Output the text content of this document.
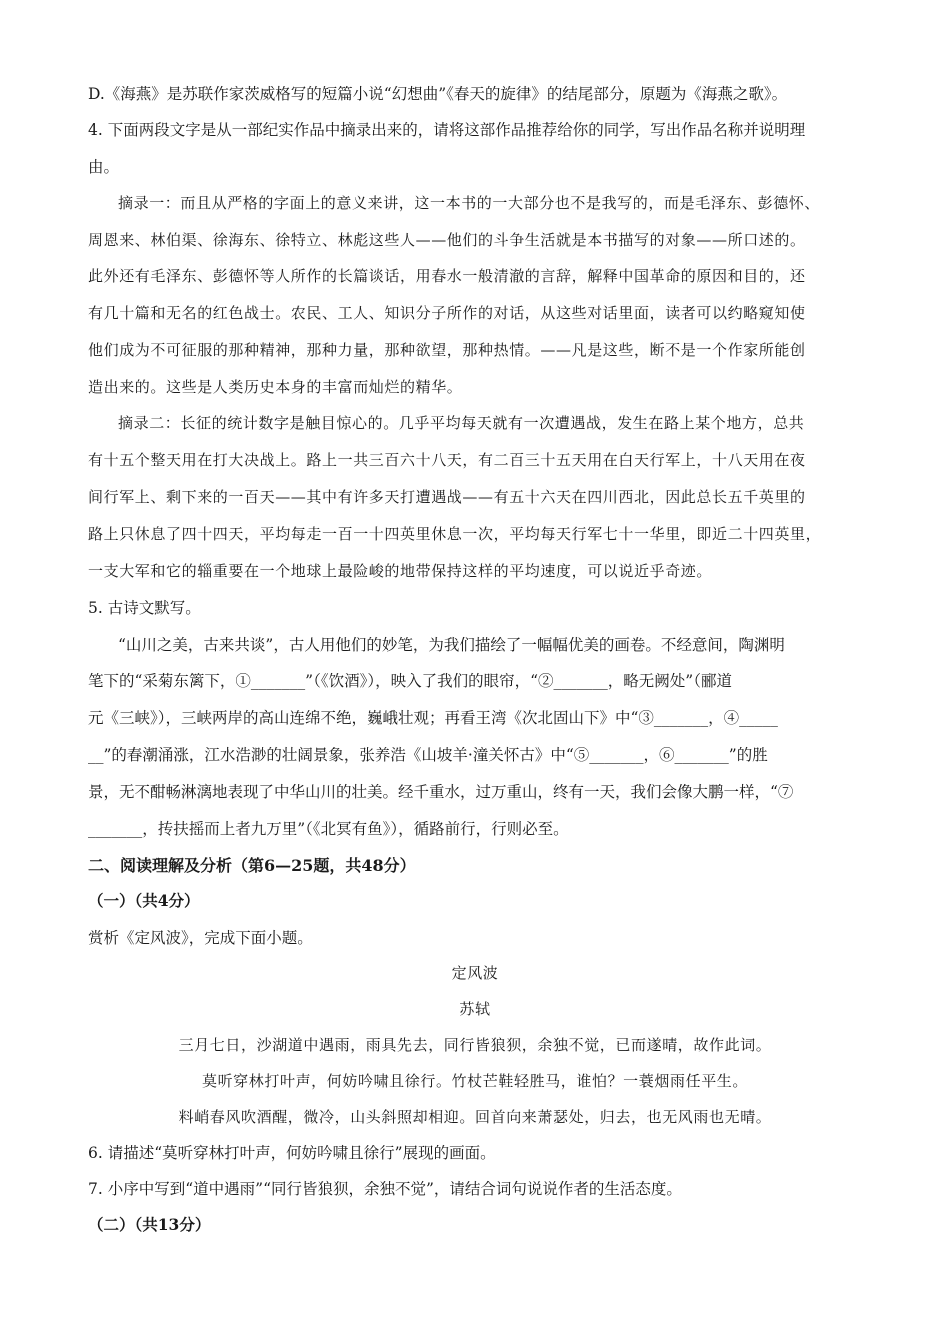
D.《海燕》是苏联作家茨威格写的短篇小说“幻想曲”《春天的旋律》的结尾部分，原题为《海燕之歌》。
4. 下面两段文字是从一部纪实作品中摘录出来的，请将这部作品推荐给你的同学，写出作品名称并说明理
由。
摘录一：而且从严格的字面上的意义来讲，这一本书的一大部分也不是我写的，而是毛泽东、彭德怀、
周恩来、林伯渠、徐海东、徐特立、林彪这些人——他们的斗争生活就是本书描写的对象——所口述的。
此外还有毛泽东、彭德怀等人所作的长篇谈话，用春水一般清澈的言辞，解释中国革命的原因和目的，还
有几十篇和无名的红色战士。农民、工人、知识分子所作的对话，从这些对话里面，读者可以约略窥知使
他们成为不可征服的那种精神，那种力量，那种欲望，那种热情。——凡是这些，断不是一个作家所能创
造出来的。这些是人类历史本身的丰富而灿烂的精华。
摘录二：长征的统计数字是触目惊心的。几乎平均每天就有一次遭遇战，发生在路上某个地方，总共
有十五个整天用在打大决战上。路上一共三百六十八天，有二百三十五天用在白天行军上，十八天用在夜
间行军上、剩下来的一百天——其中有许多天打遭遇战——有五十六天在四川西北，因此总长五千英里的
路上只休息了四十四天，平均每走一百一十四英里休息一次，平均每天行军七十一华里，即近二十四英里，
一支大军和它的辎重要在一个地球上最险峻的地带保持这样的平均速度，可以说近乎奇迹。
5. 古诗文默写。
“山川之美，古来共谈”，古人用他们的妙笔，为我们描绘了一幅幅优美的画卷。不经意间，陶渊明
笔下的“采菊东篱下，①_______”（《饮酒》），映入了我们的眼帘，“②_______，略无阙处”（郦道
元《三峡》），三峡两岸的高山连绵不绝，巍峨壮观；再看王湾《次北固山下》中“③_______，④_____
__”的春潮涌涨，江水浩渺的壮阔景象，张养浩《山坡羊·潼关怀古》中“⑤_______，⑥_______”的胜
景，无不酣畅淋漓地表现了中华山川的壮美。经千重水，过万重山，终有一天，我们会像大鹏一样，“⑦
_______，抟扶摇而上者九万里”（《北冥有鱼》），循路前行，行则必至。
二、阅读理解及分析（第6—25题，共48分）
（一）（共4分）
赏析《定风波》，完成下面小题。
定风波
苏轼
三月七日，沙湖道中遇雨，雨具先去，同行皆狼狈，余独不觉，已而遂晴，故作此词。
莫听穿林打叶声，何妨吟啸且徐行。竹杖芒鞋轻胜马，谁怕？一蓑烟雨任平生。
料峭春风吹酒醒，微冷，山头斜照却相迎。回首向来萧瑟处，归去，也无风雨也无晴。
6. 请描述“莫听穿林打叶声，何妨吟啸且徐行”展现的画面。
7. 小序中写到“道中遇雨”“同行皆狼狈，余独不觉”，请结合词句说说作者的生活态度。
（二）（共13分）
